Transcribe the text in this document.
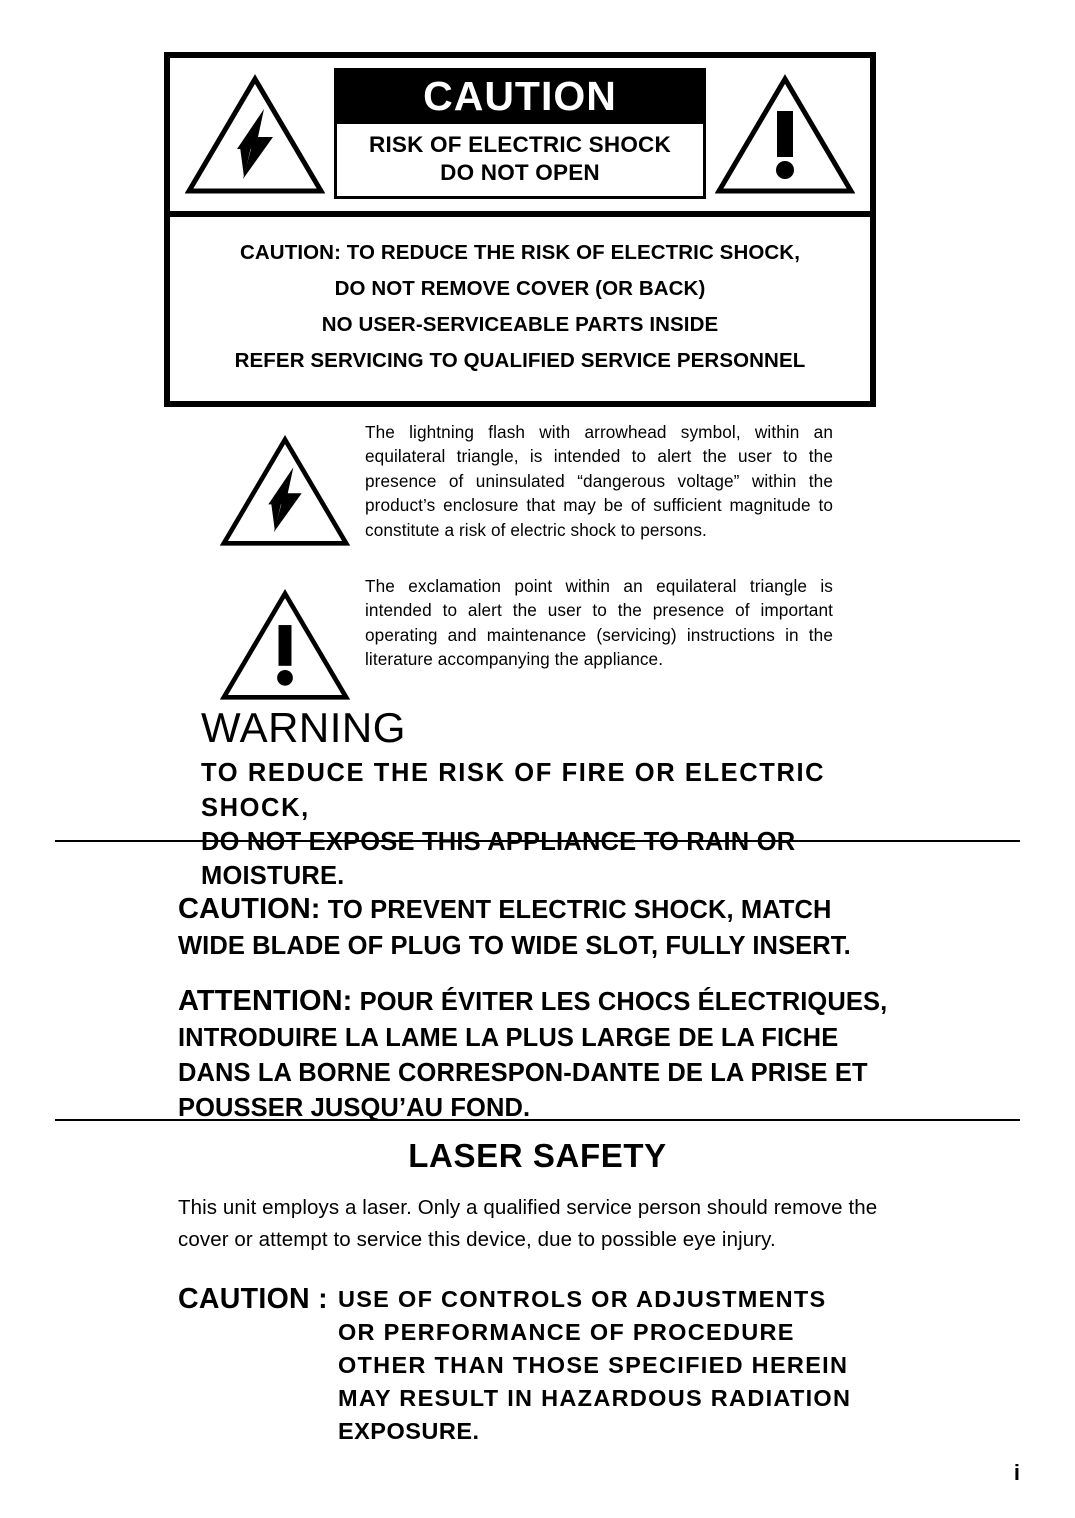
CAUTION
RISK OF ELECTRIC SHOCK
DO NOT OPEN
CAUTION: TO REDUCE THE RISK OF ELECTRIC SHOCK,
DO NOT REMOVE COVER (OR BACK)
NO USER-SERVICEABLE PARTS INSIDE
REFER SERVICING TO QUALIFIED SERVICE PERSONNEL
The lightning flash with arrowhead symbol, within an equilateral triangle, is intended to alert the user to the presence of uninsulated “dangerous voltage” within the product’s enclosure that may be of sufficient magnitude to constitute a risk of electric shock to persons.
The exclamation point within an equilateral triangle is intended to alert the user to the presence of important operating and maintenance (servicing) instructions in the literature accompanying the appliance.
WARNING
TO REDUCE THE RISK OF FIRE OR ELECTRIC SHOCK,
DO NOT EXPOSE THIS APPLIANCE TO RAIN OR MOISTURE.

CAUTION: TO PREVENT ELECTRIC SHOCK, MATCH WIDE BLADE OF PLUG TO WIDE SLOT, FULLY INSERT.

ATTENTION: POUR ÉVITER LES CHOCS ÉLECTRIQUES, INTRODUIRE LA LAME LA PLUS LARGE DE LA FICHE DANS LA BORNE CORRESPON-DANTE DE LA PRISE ET POUSSER JUSQU’AU FOND.

LASER SAFETY
This unit employs a laser. Only a qualified service person should remove the cover or attempt to service this device, due to possible eye injury.
CAUTION : USE OF CONTROLS OR ADJUSTMENTS
OR PERFORMANCE OF PROCEDURE
OTHER THAN THOSE SPECIFIED HEREIN
MAY RESULT IN HAZARDOUS RADIATION
EXPOSURE.
i
